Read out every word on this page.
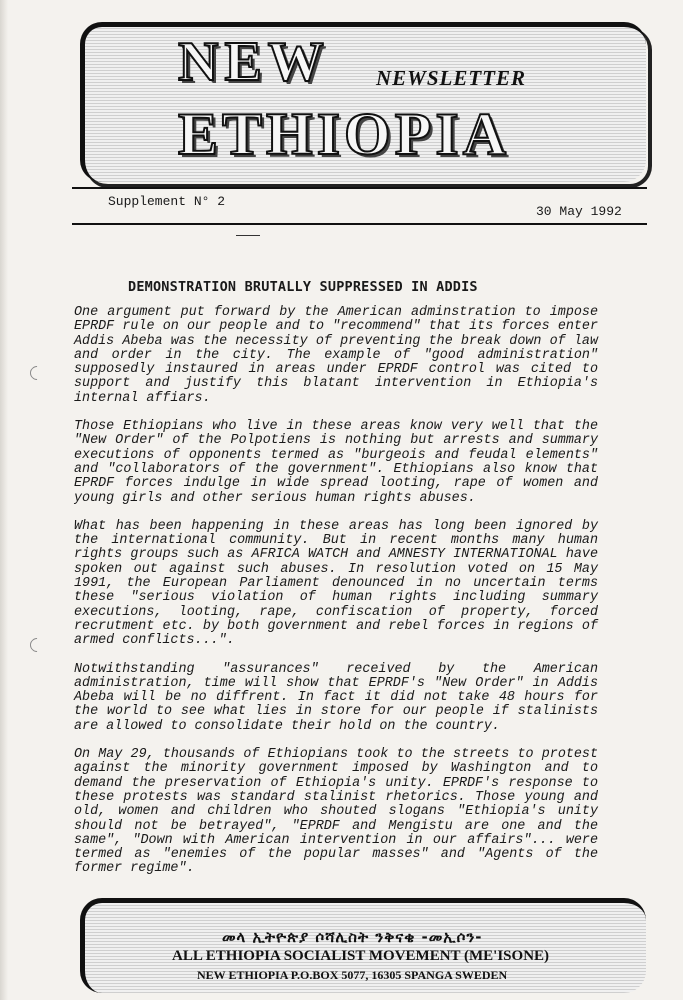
NEW NEWSLETTER
ETHIOPIA
Supplement N° 2
30 May 1992
DEMONSTRATION BRUTALLY SUPPRESSED IN ADDIS

One argument put forward by the American adminstration to impose EPRDF rule on our people and to "recommend" that its forces enter Addis Abeba was the necessity of preventing the break down of law and order in the city. The example of "good administration" supposedly instaured in areas under EPRDF control was cited to support and justify this blatant intervention in Ethiopia's internal affiars.

Those Ethiopians who live in these areas know very well that the "New Order" of the Polpotiens is nothing but arrests and summary executions of opponents termed as "burgeois and feudal elements" and "collaborators of the government". Ethiopians also know that EPRDF forces indulge in wide spread looting, rape of women and young girls and other serious human rights abuses.

What has been happening in these areas has long been ignored by the international community. But in recent months many human rights groups such as AFRICA WATCH and AMNESTY INTERNATIONAL have spoken out against such abuses. In resolution voted on 15 May 1991, the European Parliament denounced in no uncertain terms these "serious violation of human rights including summary executions, looting, rape, confiscation of property, forced recrutment etc. by both government and rebel forces in regions of armed conflicts...".

Notwithstanding "assurances" received by the American administration, time will show that EPRDF's "New Order" in Addis Abeba will be no diffrent. In fact it did not take 48 hours for the world to see what lies in store for our people if stalinists are allowed to consolidate their hold on the country.

On May 29, thousands of Ethiopians took to the streets to protest against the minority government imposed by Washington and to demand the preservation of Ethiopia's unity. EPRDF's response to these protests was standard stalinist rhetorics. Those young and old, women and children who shouted slogans "Ethiopia's unity should not be betrayed", "EPRDF and Mengistu are one and the same", "Down with American intervention in our affairs"... were termed as "enemies of the popular masses" and "Agents of the former regime".

መላ ኢትዮጵያ ሶሻሊስት ንቅናቄ -መኢሶን-
ALL ETHIOPIA SOCIALIST MOVEMENT (ME'ISONE)
NEW ETHIOPIA P.O.BOX 5077, 16305 SPANGA SWEDEN
